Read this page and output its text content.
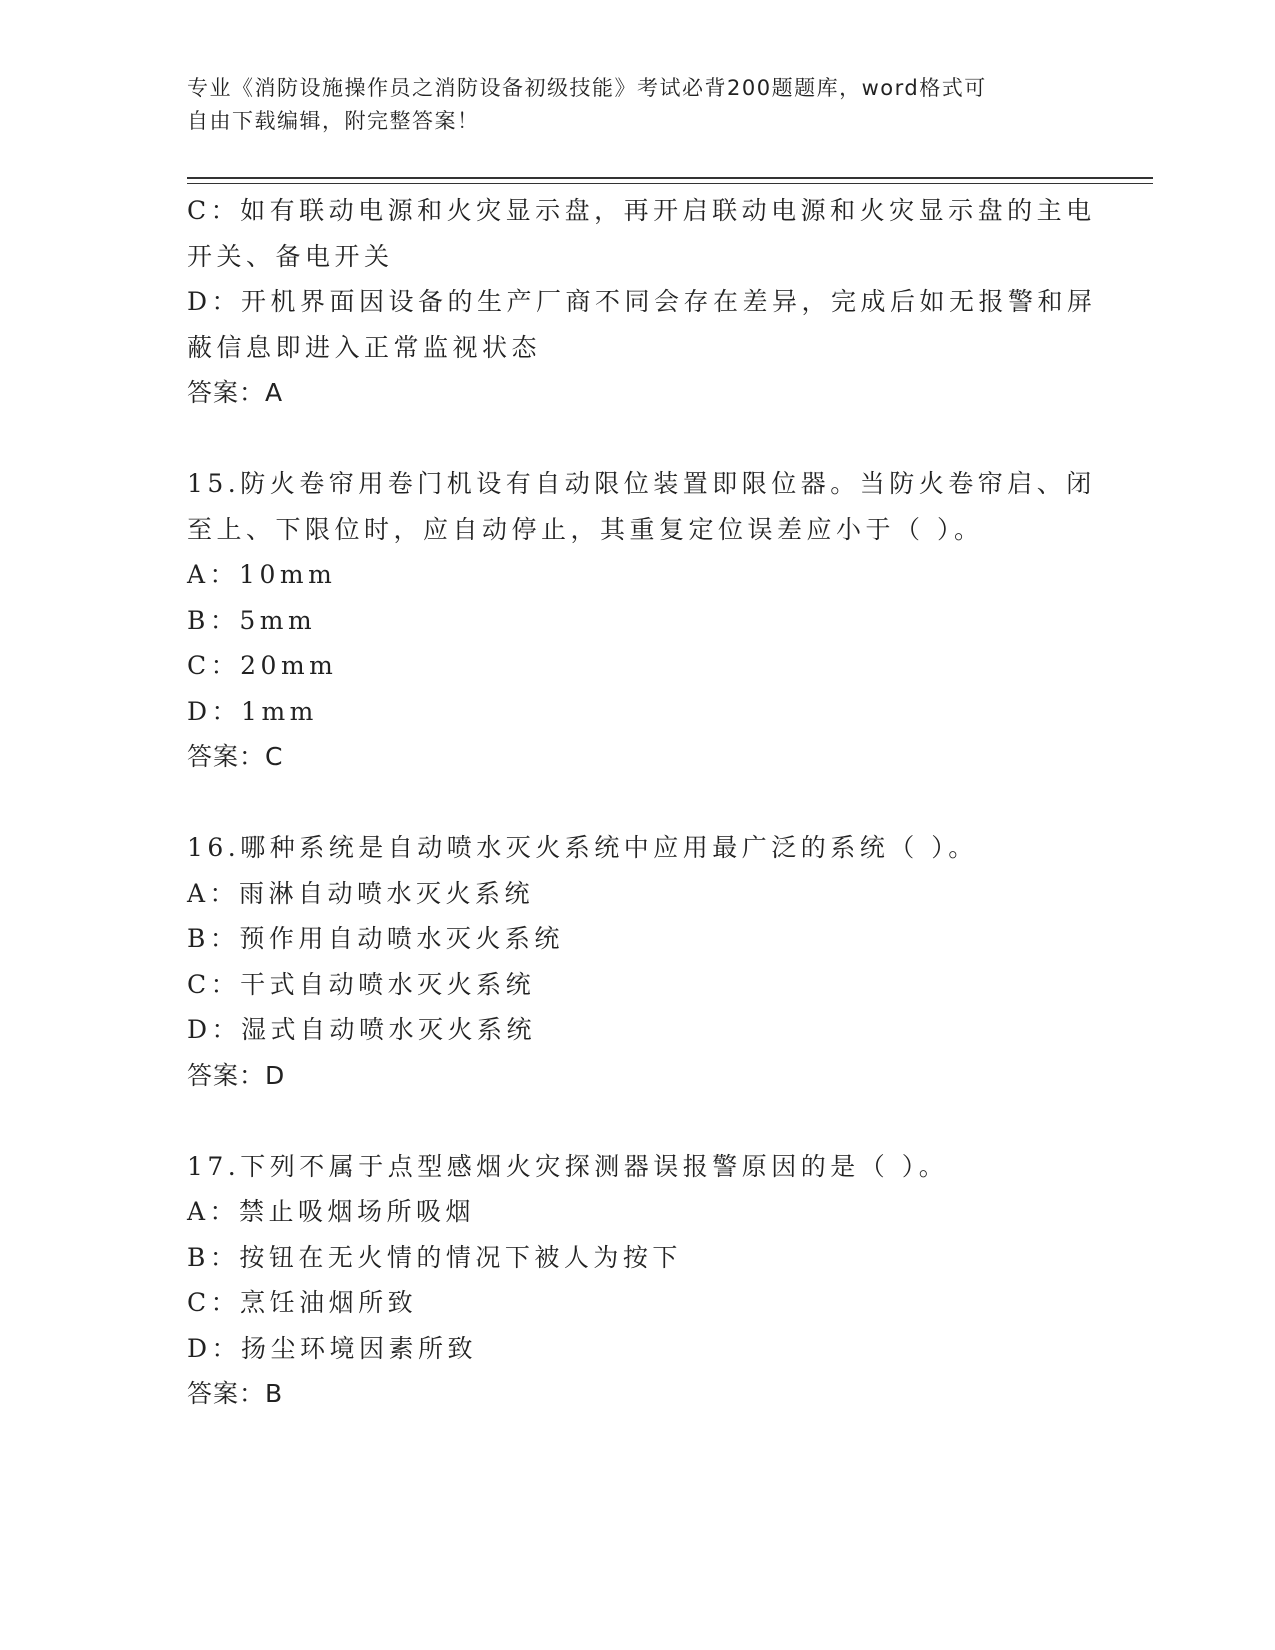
专业《消防设施操作员之消防设备初级技能》考试必背200题题库，word格式可
自由下载编辑，附完整答案！
C：如有联动电源和火灾显示盘，再开启联动电源和火灾显示盘的主电
开关、备电开关
D：开机界面因设备的生产厂商不同会存在差异，完成后如无报警和屏
蔽信息即进入正常监视状态
答案：A
15.防火卷帘用卷门机设有自动限位装置即限位器。当防火卷帘启、闭
至上、下限位时，应自动停止，其重复定位误差应小于（ ）。
A：10mm
B：5mm
C：20mm
D：1mm
答案：C
16.哪种系统是自动喷水灭火系统中应用最广泛的系统（ ）。
A：雨淋自动喷水灭火系统
B：预作用自动喷水灭火系统
C：干式自动喷水灭火系统
D：湿式自动喷水灭火系统
答案：D
17.下列不属于点型感烟火灾探测器误报警原因的是（ ）。
A：禁止吸烟场所吸烟
B：按钮在无火情的情况下被人为按下
C：烹饪油烟所致
D：扬尘环境因素所致
答案：B
